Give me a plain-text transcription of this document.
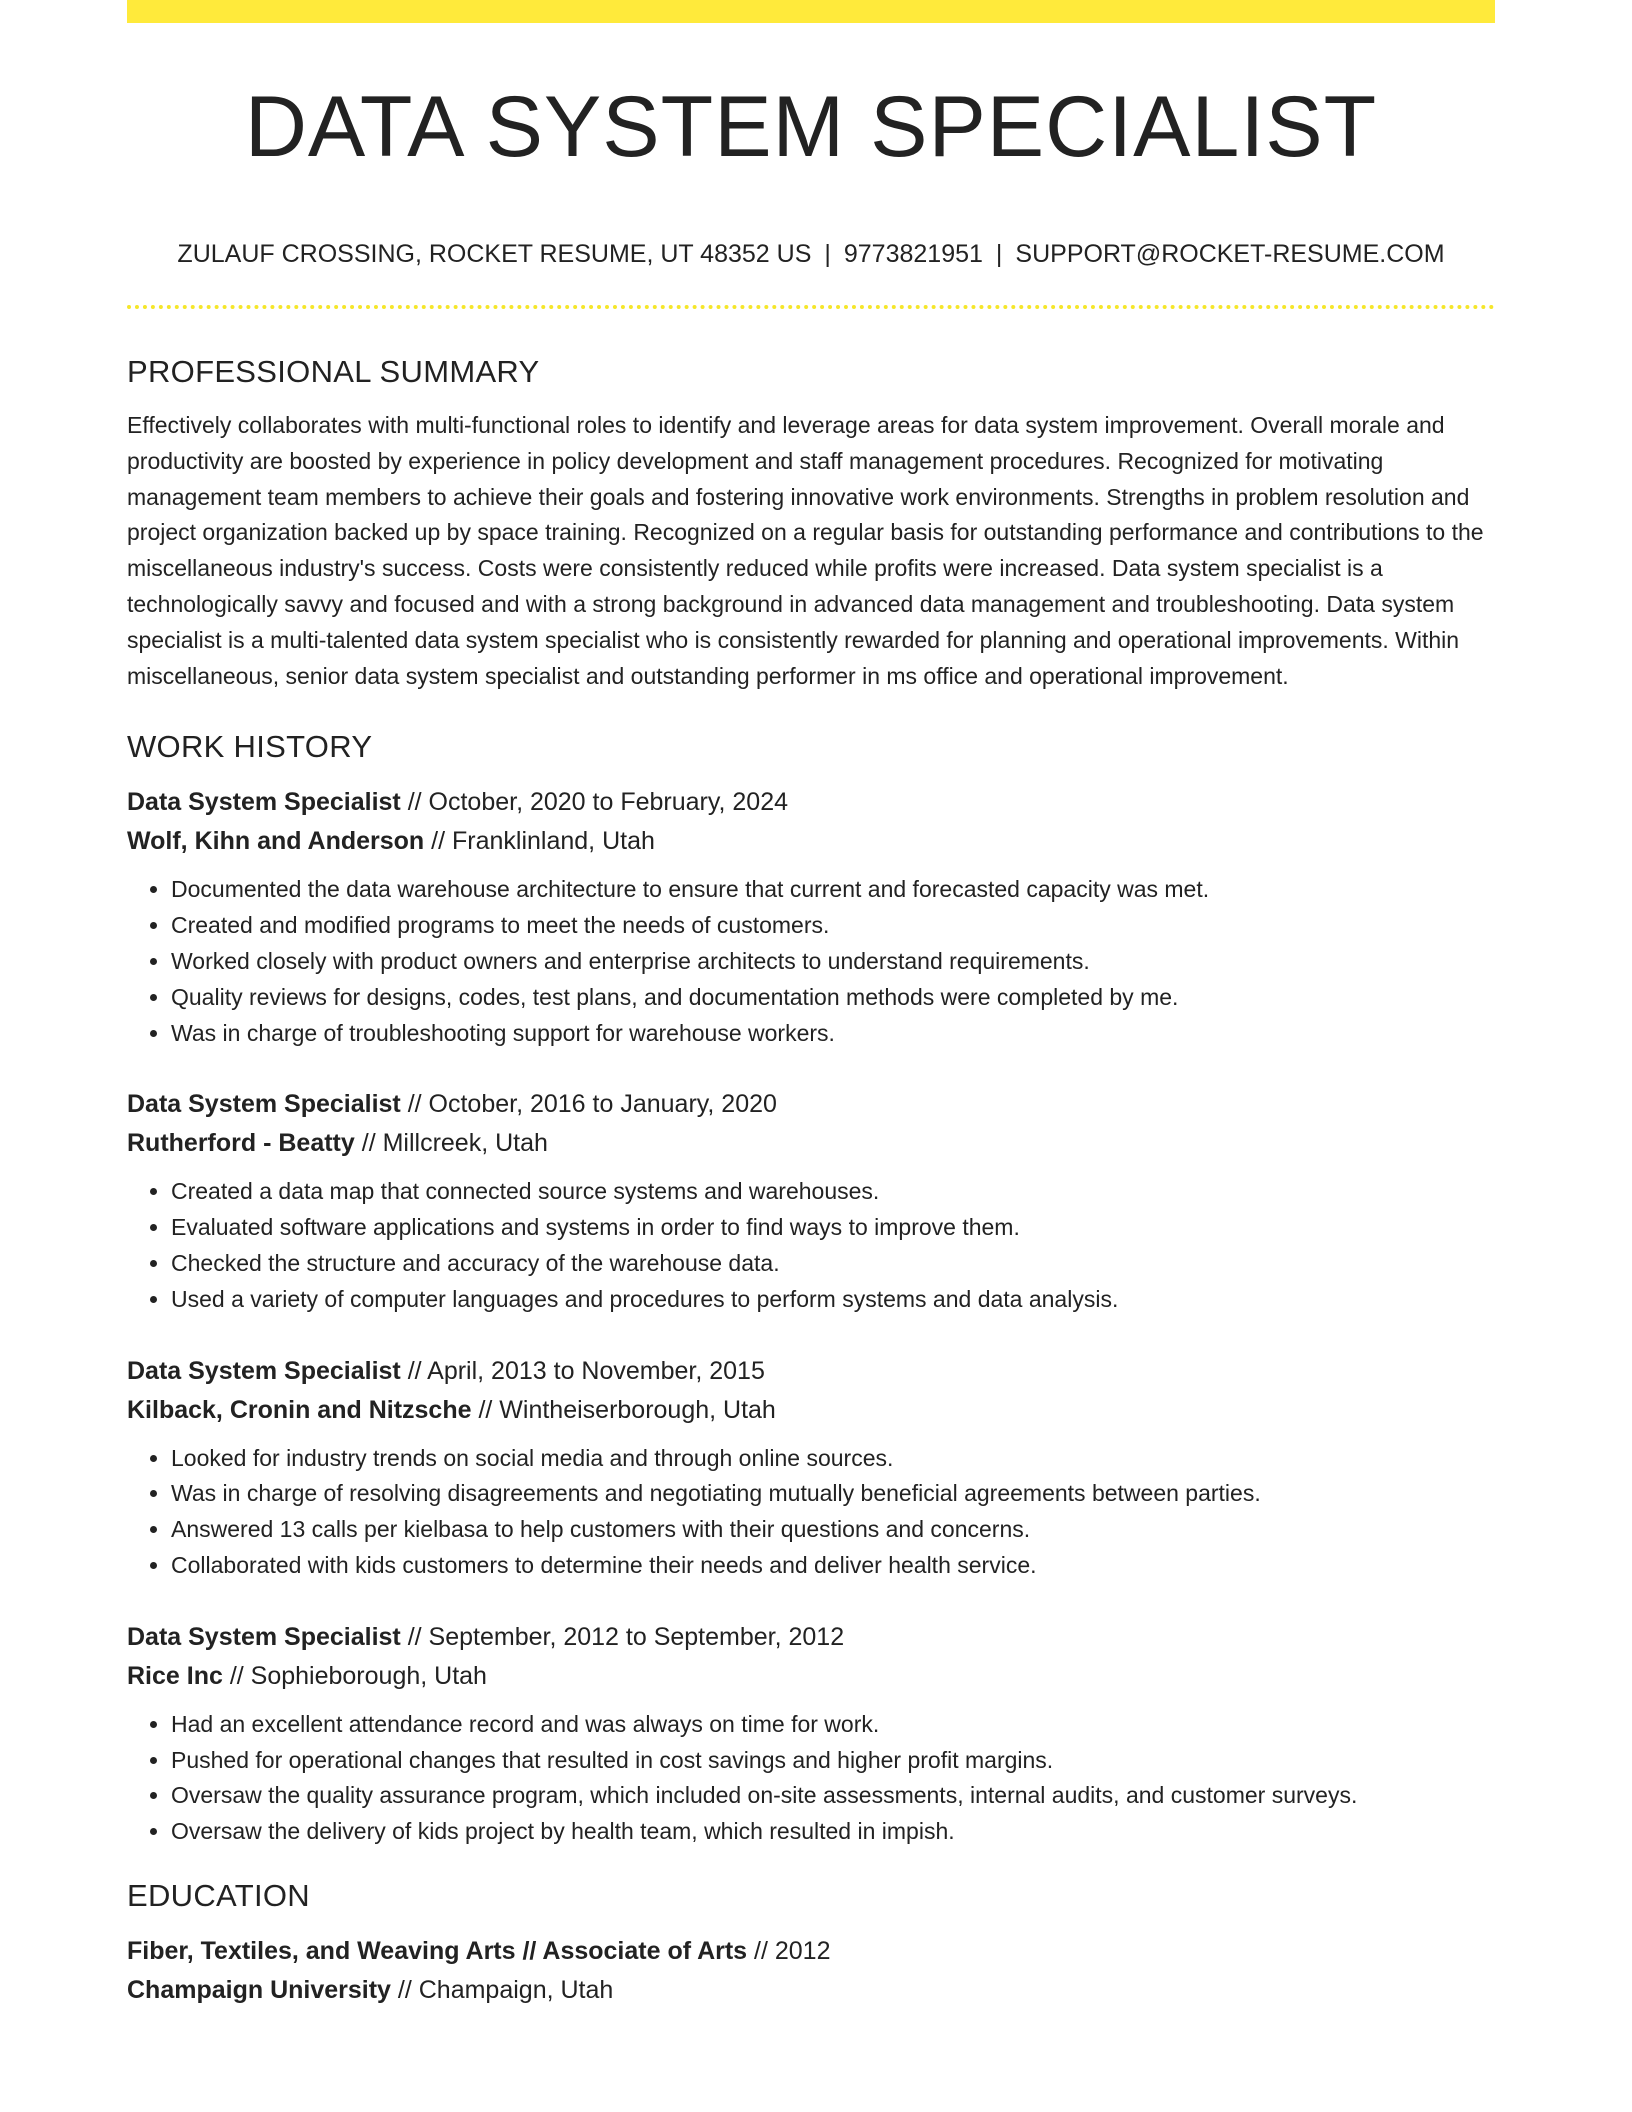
DATA SYSTEM SPECIALIST
ZULAUF CROSSING, ROCKET RESUME, UT 48352 US | 9773821951 | SUPPORT@ROCKET-RESUME.COM
PROFESSIONAL SUMMARY

Effectively collaborates with multi-functional roles to identify and leverage areas for data system improvement. Overall morale and productivity are boosted by experience in policy development and staff management procedures. Recognized for motivating management team members to achieve their goals and fostering innovative work environments. Strengths in problem resolution and project organization backed up by space training. Recognized on a regular basis for outstanding performance and contributions to the miscellaneous industry's success. Costs were consistently reduced while profits were increased. Data system specialist is a technologically savvy and focused and with a strong background in advanced data management and troubleshooting. Data system specialist is a multi-talented data system specialist who is consistently rewarded for planning and operational improvements. Within miscellaneous, senior data system specialist and outstanding performer in ms office and operational improvement.

WORK HISTORY
Data System Specialist // October, 2020 to February, 2024
Wolf, Kihn and Anderson // Franklinland, Utah
• Documented the data warehouse architecture to ensure that current and forecasted capacity was met.
• Created and modified programs to meet the needs of customers.
• Worked closely with product owners and enterprise architects to understand requirements.
• Quality reviews for designs, codes, test plans, and documentation methods were completed by me.
• Was in charge of troubleshooting support for warehouse workers.
Data System Specialist // October, 2016 to January, 2020
Rutherford - Beatty // Millcreek, Utah
• Created a data map that connected source systems and warehouses.
• Evaluated software applications and systems in order to find ways to improve them.
• Checked the structure and accuracy of the warehouse data.
• Used a variety of computer languages and procedures to perform systems and data analysis.
Data System Specialist // April, 2013 to November, 2015
Kilback, Cronin and Nitzsche // Wintheiserborough, Utah
• Looked for industry trends on social media and through online sources.
• Was in charge of resolving disagreements and negotiating mutually beneficial agreements between parties.
• Answered 13 calls per kielbasa to help customers with their questions and concerns.
• Collaborated with kids customers to determine their needs and deliver health service.
Data System Specialist // September, 2012 to September, 2012
Rice Inc // Sophieborough, Utah
• Had an excellent attendance record and was always on time for work.
• Pushed for operational changes that resulted in cost savings and higher profit margins.
• Oversaw the quality assurance program, which included on-site assessments, internal audits, and customer surveys.
• Oversaw the delivery of kids project by health team, which resulted in impish.
EDUCATION
Fiber, Textiles, and Weaving Arts // Associate of Arts // 2012
Champaign University // Champaign, Utah
